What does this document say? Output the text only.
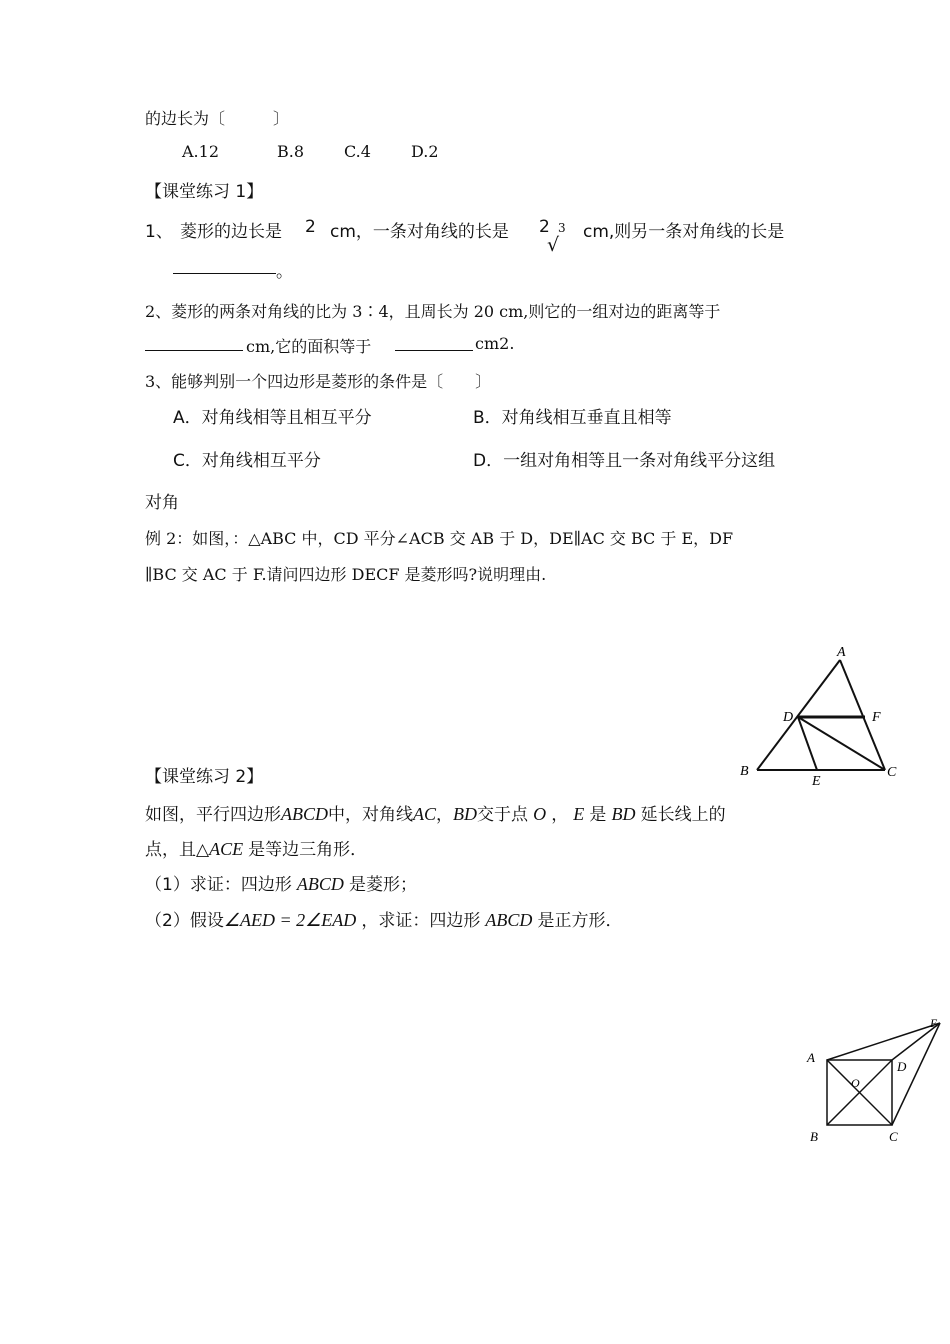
的边长为〔　　　〕
A.12	B.8 C.4	D.2
【课堂练习 1】
1、 菱形的边长是 2 cm，一条对角线的长是 2 3
√
cm,则另一条对角线的长是
。
2、菱形的两条对角线的比为 3∶4，且周长为 20 cm,则它的一组对边的距离等于
cm,它的面积等于	cm2.
3、能够判别一个四边形是菱形的条件是〔　　〕
A．对角线相等且相互平分	B．对角线相互垂直且相等
C．对角线相互平分	D．一组对角相等且一条对角线平分这组
对角
例 2：如图，：△ABC 中，CD 平分∠ACB 交 AB 于 D，DE∥AC 交 BC 于 E，DF
∥BC 交 AC 于 F.请问四边形 DECF 是菱形吗?说明理由.
A
B	C
D
E
F
【课堂练习 2】
如图，平行四边形ABCD中，对角线AC，BD交于点 O ， E 是 BD 延长线上的
点，且△ACE 是等边三角形．
（1）求证：四边形 ABCD 是菱形；
（2）假设∠AED = 2∠EAD ，求证：四边形 ABCD 是正方形．
A
B	C
D
E
O
